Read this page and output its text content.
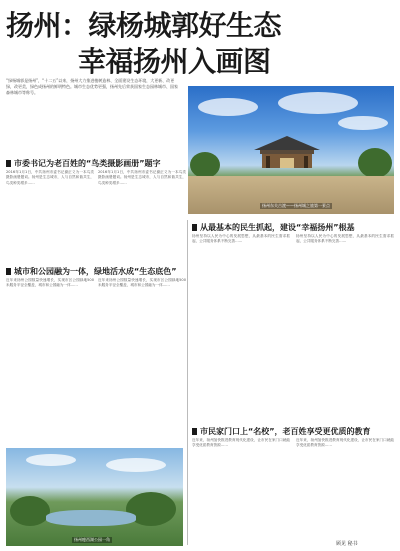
扬州：绿杨城郭好生态
幸福扬州入画图
“绿杨城郭是扬州”，“十二五”以来，扬州大力推进植树造林、全面建设生态环境，大更新、改更绿，改更美，绿色成扬州的鲜明特色。城市生态优势更强，扬州先后荣获国家生态园林城市、国家森林城市等称号。
扬州东关古渡——扬州城之旅第一景点
市委书记为老百姓的“鸟类摄影画册”题字
2016年1月1日，中共扬州市委书记谢正义为一本鸟类摄影画册题词。扬州是生态城市，人与自然和谐共生，鸟类种类增多……
2016年1月1日，中共扬州市委书记谢正义为一本鸟类摄影画册题词。扬州是生态城市，人与自然和谐共生，鸟类种类增多……
城市和公园融为一体，绿地活水成“生态底色”
近年来扬州公园数量快速增长，实现市区公园绿地500米服务半径全覆盖，城市和公园融为一体……
近年来扬州公园数量快速增长，实现市区公园绿地500米服务半径全覆盖，城市和公园融为一体……
从最基本的民生抓起，建设“幸福扬州”根基
扬州坚持以人民为中心的发展思想，从最基本的民生需求抓起，公共服务体系不断完善……
扬州坚持以人民为中心的发展思想，从最基本的民生需求抓起，公共服务体系不断完善……
市民家门口上“名校”，老百姓享受更优质的教育
近年来，扬州加快推进教育现代化建设，让市民在家门口就能享受优质教育资源……
近年来，扬州加快推进教育现代化建设，让市民在家门口就能享受优质教育资源……
扬州瘦西湖公园一角
顾见 秘书
